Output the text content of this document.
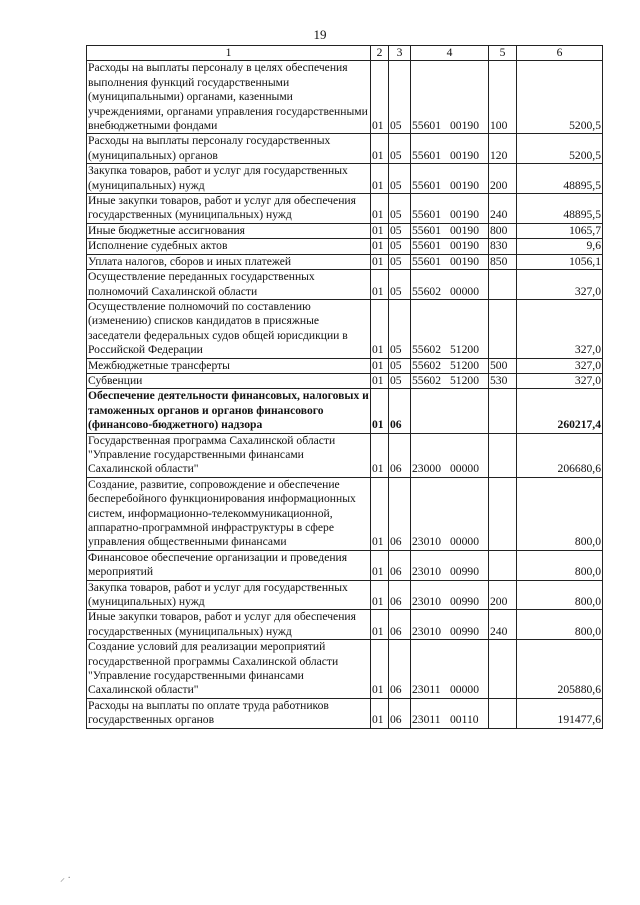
19
1	2	3	4	5	6
Расходы на выплаты персоналу в целях обеспечения выполнения функций государственными (муниципальными) органами, казенными учреждениями, органами управления государственными внебюджетными фондами	01	05	55601 00190	100	5200,5
Расходы на выплаты персоналу государственных (муниципальных) органов	01	05	55601 00190	120	5200,5
Закупка товаров, работ и услуг для государственных (муниципальных) нужд	01	05	55601 00190	200	48895,5
Иные закупки товаров, работ и услуг для обеспечения государственных (муниципальных) нужд	01	05	55601 00190	240	48895,5
Иные бюджетные ассигнования	01	05	55601 00190	800	1065,7
Исполнение судебных актов	01	05	55601 00190	830	9,6
Уплата налогов, сборов и иных платежей	01	05	55601 00190	850	1056,1
Осуществление переданных государственных полномочий Сахалинской области	01	05	55602 00000		327,0
Осуществление полномочий по составлению (изменению) списков кандидатов в присяжные заседатели федеральных судов общей юрисдикции в Российской Федерации	01	05	55602 51200		327,0
Межбюджетные трансферты	01	05	55602 51200	500	327,0
Субвенции	01	05	55602 51200	530	327,0
Обеспечение деятельности финансовых, налоговых и таможенных органов и органов финансового (финансово-бюджетного) надзора	01	06			260217,4
Государственная программа Сахалинской области "Управление государственными финансами Сахалинской области"	01	06	23000 00000		206680,6
Создание, развитие, сопровождение и обеспечение бесперебойного функционирования информационных систем, информационно-телекоммуникационной, аппаратно-программной инфраструктуры в сфере управления общественными финансами	01	06	23010 00000		800,0
Финансовое обеспечение организации и проведения мероприятий	01	06	23010 00990		800,0
Закупка товаров, работ и услуг для государственных (муниципальных) нужд	01	06	23010 00990	200	800,0
Иные закупки товаров, работ и услуг для обеспечения государственных (муниципальных) нужд	01	06	23010 00990	240	800,0
Создание условий для реализации мероприятий государственной программы Сахалинской области "Управление государственными финансами Сахалинской области"	01	06	23011 00000		205880,6
Расходы на выплаты по оплате труда работников государственных органов	01	06	23011 00110		191477,6
⸝ ·
